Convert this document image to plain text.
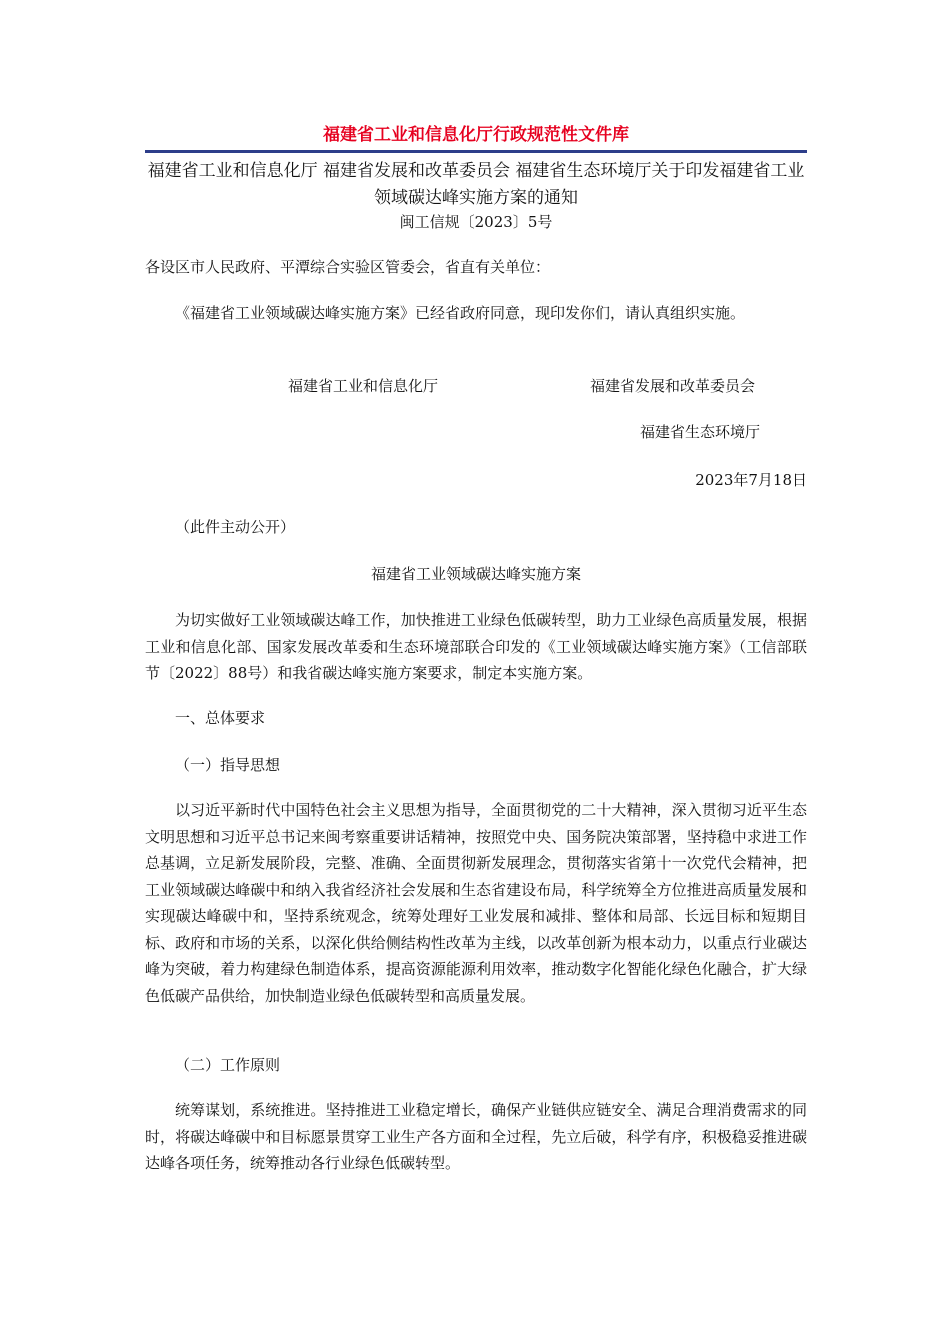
福建省工业和信息化厅行政规范性文件库
福建省工业和信息化厅 福建省发展和改革委员会 福建省生态环境厅关于印发福建省工业领域碳达峰实施方案的通知
闽工信规〔2023〕5号
各设区市人民政府、平潭综合实验区管委会，省直有关单位：
《福建省工业领域碳达峰实施方案》已经省政府同意，现印发你们，请认真组织实施。
福建省工业和信息化厅	福建省发展和改革委员会
福建省生态环境厅
2023年7月18日
（此件主动公开）
福建省工业领域碳达峰实施方案
为切实做好工业领域碳达峰工作，加快推进工业绿色低碳转型，助力工业绿色高质量发展，根据工业和信息化部、国家发展改革委和生态环境部联合印发的《工业领域碳达峰实施方案》（工信部联节〔2022〕88号）和我省碳达峰实施方案要求，制定本实施方案。
一、总体要求
（一）指导思想
以习近平新时代中国特色社会主义思想为指导，全面贯彻党的二十大精神，深入贯彻习近平生态文明思想和习近平总书记来闽考察重要讲话精神，按照党中央、国务院决策部署，坚持稳中求进工作总基调，立足新发展阶段，完整、准确、全面贯彻新发展理念，贯彻落实省第十一次党代会精神，把工业领域碳达峰碳中和纳入我省经济社会发展和生态省建设布局，科学统筹全方位推进高质量发展和实现碳达峰碳中和，坚持系统观念，统筹处理好工业发展和减排、整体和局部、长远目标和短期目标、政府和市场的关系，以深化供给侧结构性改革为主线，以改革创新为根本动力，以重点行业碳达峰为突破，着力构建绿色制造体系，提高资源能源利用效率，推动数字化智能化绿色化融合，扩大绿色低碳产品供给，加快制造业绿色低碳转型和高质量发展。
（二）工作原则
统筹谋划，系统推进。坚持推进工业稳定增长，确保产业链供应链安全、满足合理消费需求的同时，将碳达峰碳中和目标愿景贯穿工业生产各方面和全过程，先立后破，科学有序，积极稳妥推进碳达峰各项任务，统筹推动各行业绿色低碳转型。
